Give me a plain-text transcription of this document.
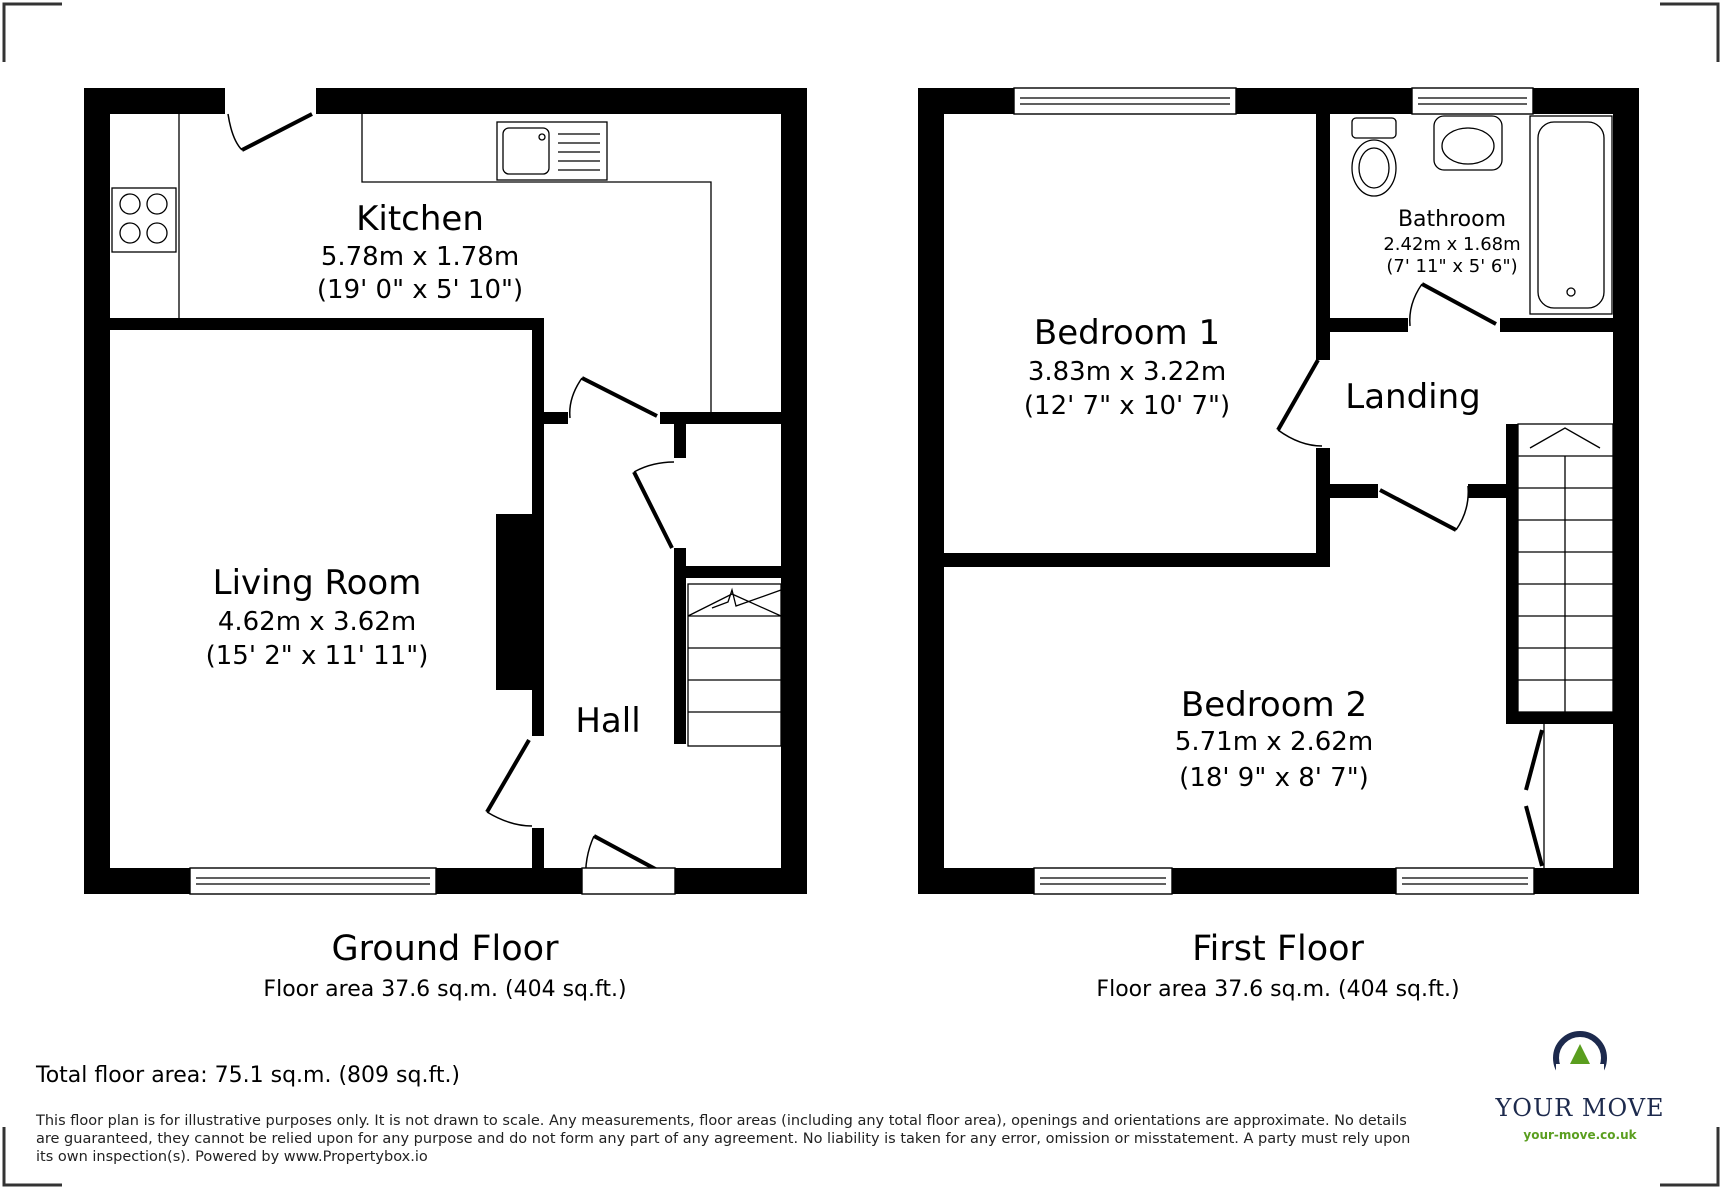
Kitchen
5.78m x 1.78m
(19' 0" x 5' 10")
Living Room
4.62m x 3.62m
(15' 2" x 11' 11")
Hall
Ground Floor
Floor area 37.6 sq.m. (404 sq.ft.)
Bedroom 1
3.83m x 3.22m
(12' 7" x 10' 7")
Bathroom
2.42m x 1.68m
(7' 11" x 5' 6")
Landing
Bedroom 2
5.71m x 2.62m
(18' 9" x 8' 7")
First Floor
Floor area 37.6 sq.m. (404 sq.ft.)
Total floor area: 75.1 sq.m. (809 sq.ft.)
This floor plan is for illustrative purposes only. It is not drawn to scale. Any measurements, floor areas (including any total floor area), openings and orientations are approximate. No details are guaranteed, they cannot be relied upon for any purpose and do not form any part of any agreement. No liability is taken for any error, omission or misstatement. A party must rely upon its own inspection(s). Powered by www.Propertybox.io
YOUR MOVE
your-move.co.uk
